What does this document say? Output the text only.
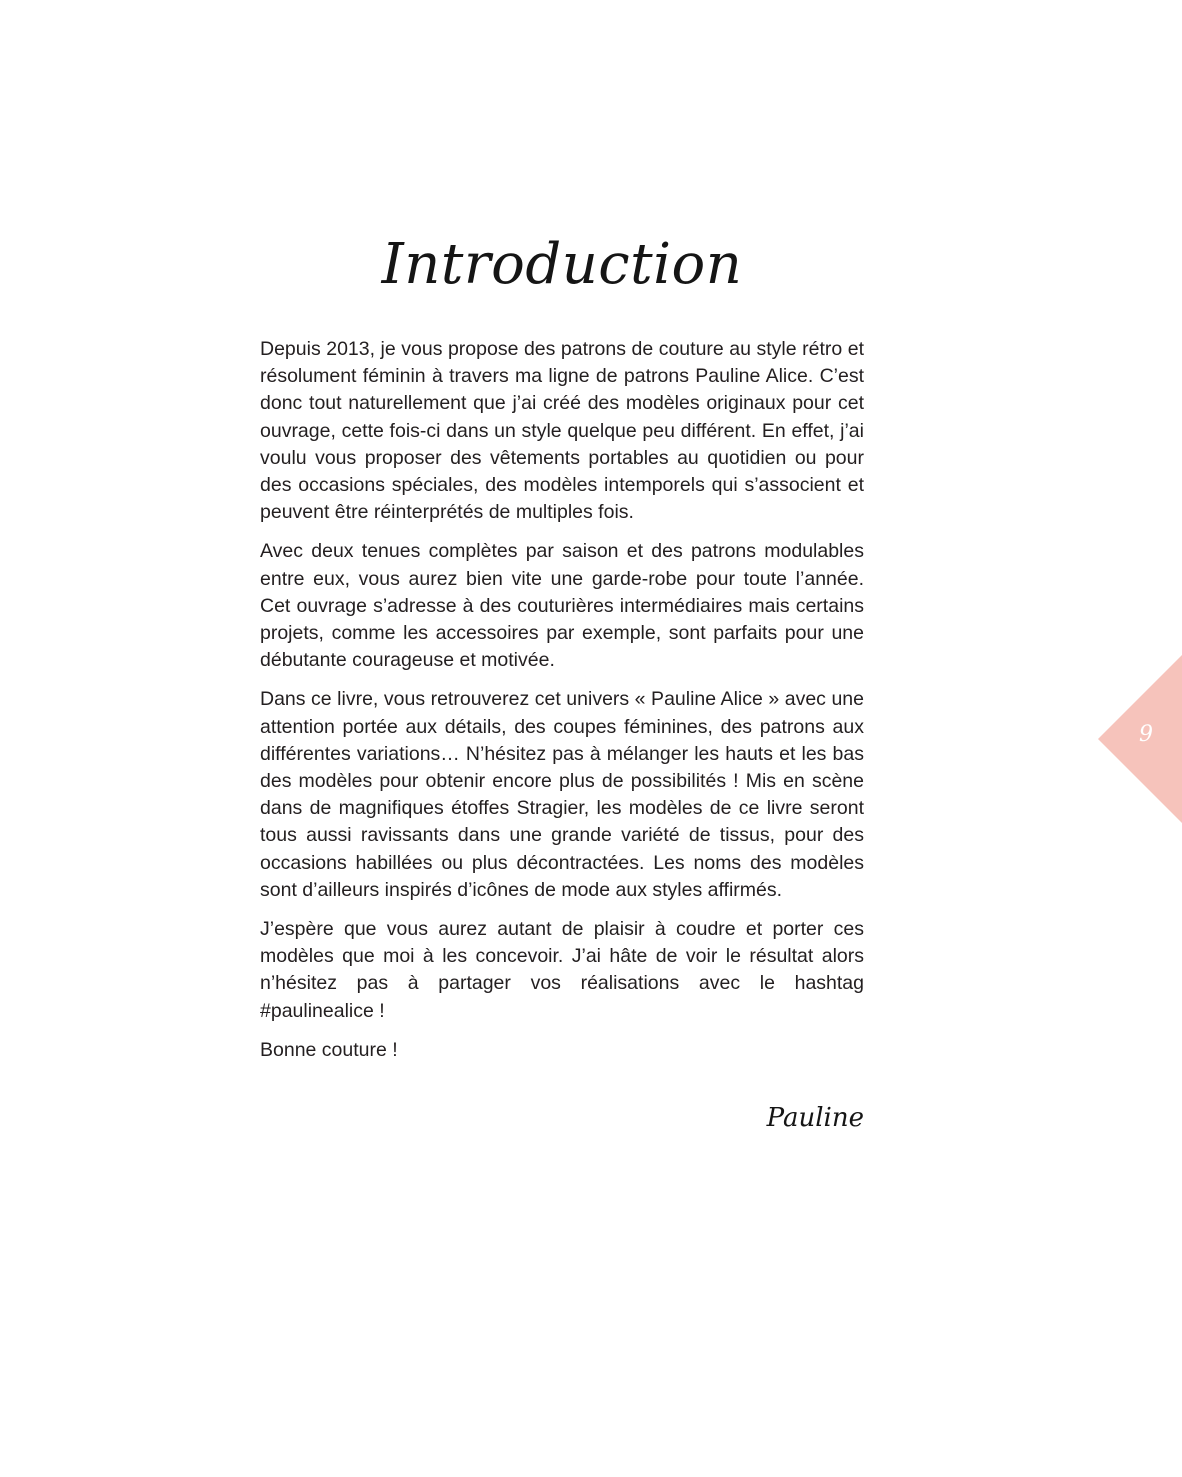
Introduction

Depuis 2013, je vous propose des patrons de couture au style rétro et résolument féminin à travers ma ligne de patrons Pauline Alice. C’est donc tout naturellement que j’ai créé des modèles originaux pour cet ouvrage, cette fois-ci dans un style quelque peu différent. En effet, j’ai voulu vous proposer des vêtements portables au quotidien ou pour des occasions spéciales, des modèles intemporels qui s’associent et peuvent être réinterprétés de multiples fois.

Avec deux tenues complètes par saison et des patrons modulables entre eux, vous aurez bien vite une garde-robe pour toute l’année. Cet ouvrage s’adresse à des couturières intermédiaires mais certains projets, comme les accessoires par exemple, sont parfaits pour une débutante courageuse et motivée.

Dans ce livre, vous retrouverez cet univers « Pauline Alice » avec une attention portée aux détails, des coupes féminines, des patrons aux différentes variations… N’hésitez pas à mélanger les hauts et les bas des modèles pour obtenir encore plus de possibilités ! Mis en scène dans de magnifiques étoffes Stragier, les modèles de ce livre seront tous aussi ravissants dans une grande variété de tissus, pour des occasions habillées ou plus décontractées. Les noms des modèles sont d’ailleurs inspirés d’icônes de mode aux styles affirmés.

J’espère que vous aurez autant de plaisir à coudre et porter ces modèles que moi à les concevoir. J’ai hâte de voir le résultat alors n’hésitez pas à partager vos réalisations avec le hashtag #paulinealice !

Bonne couture !

Pauline

9
